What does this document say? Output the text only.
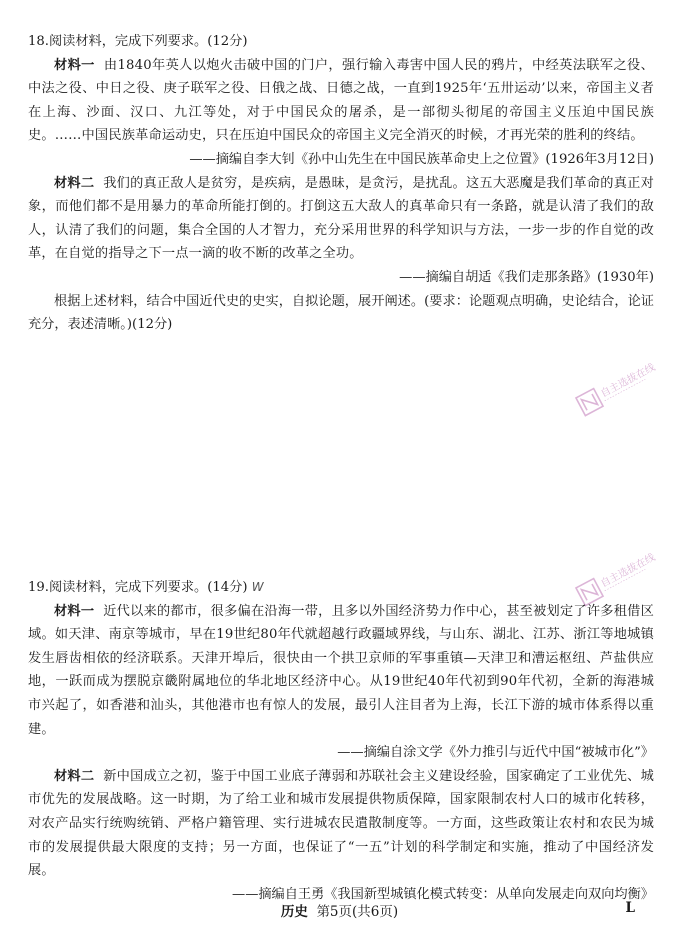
18.阅读材料，完成下列要求。(12分)

材料一 由1840年英人以炮火击破中国的门户，强行输入毒害中国人民的鸦片，中经英法联军之役、中法之役、中日之役、庚子联军之役、日俄之战、日德之战，一直到1925年‘五卅运动’以来，帝国主义者在上海、沙面、汉口、九江等处，对于中国民众的屠杀，是一部彻头彻尾的帝国主义压迫中国民族史。……中国民族革命运动史，只在压迫中国民众的帝国主义完全消灭的时候，才再光荣的胜利的终结。

——摘编自李大钊《孙中山先生在中国民族革命史上之位置》(1926年3月12日)

材料二 我们的真正敌人是贫穷，是疾病，是愚昧，是贪污，是扰乱。这五大恶魔是我们革命的真正对象，而他们都不是用暴力的革命所能打倒的。打倒这五大敌人的真革命只有一条路，就是认清了我们的敌人，认清了我们的问题，集合全国的人才智力，充分采用世界的科学知识与方法，一步一步的作自觉的改革，在自觉的指导之下一点一滴的收不断的改革之全功。

——摘编自胡适《我们走那条路》(1930年)

根据上述材料，结合中国近代史的史实，自拟论题，展开阐述。(要求：论题观点明确，史论结合，论证充分，表述清晰。)(12分)

自主选拔在线
自主选拔在线

19.阅读材料，完成下列要求。(14分) W

材料一 近代以来的都市，很多偏在沿海一带，且多以外国经济势力作中心，甚至被划定了许多租借区域。如天津、南京等城市，早在19世纪80年代就超越行政疆域界线，与山东、湖北、江苏、浙江等地城镇发生唇齿相依的经济联系。天津开埠后，很快由一个拱卫京师的军事重镇—天津卫和漕运枢纽、芦盐供应地，一跃而成为摆脱京畿附属地位的华北地区经济中心。从19世纪40年代初到90年代初，全新的海港城市兴起了，如香港和汕头，其他港市也有惊人的发展，最引人注目者为上海，长江下游的城市体系得以重建。

——摘编自涂文学《外力推引与近代中国“被城市化”》

材料二 新中国成立之初，鉴于中国工业底子薄弱和苏联社会主义建设经验，国家确定了工业优先、城市优先的发展战略。这一时期，为了给工业和城市发展提供物质保障，国家限制农村人口的城市化转移，对农产品实行统购统销、严格户籍管理、实行进城农民遣散制度等。一方面，这些政策让农村和农民为城市的发展提供最大限度的支持；另一方面，也保证了“一五”计划的科学制定和实施，推动了中国经济发展。

——摘编自王勇《我国新型城镇化模式转变：从单向发展走向双向均衡》

历史 第5页(共6页)	L
